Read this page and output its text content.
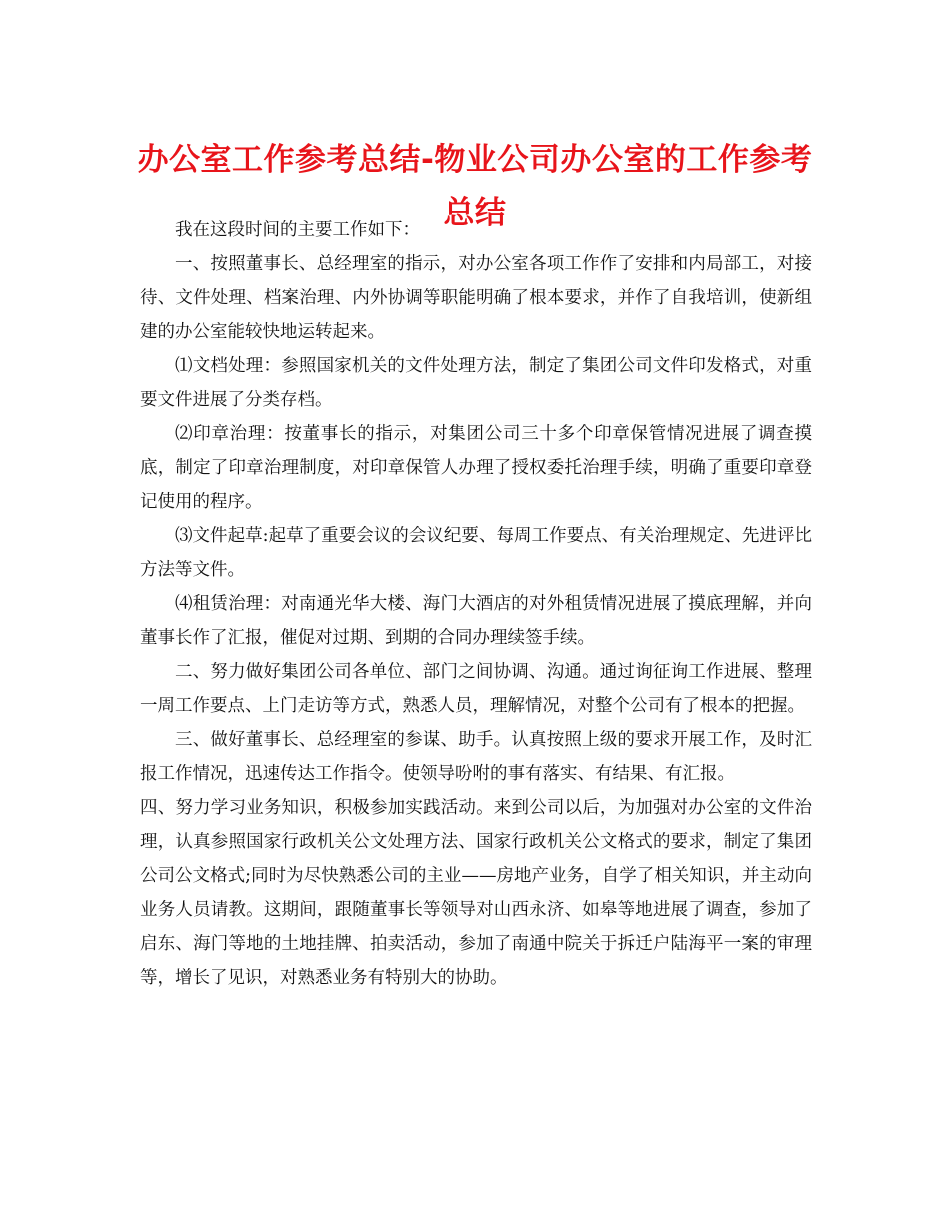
办公室工作参考总结-物业公司办公室的工作参考总结

我在这段时间的主要工作如下：

一、按照董事长、总经理室的指示，对办公室各项工作作了安排和内局部工，对接待、文件处理、档案治理、内外协调等职能明确了根本要求，并作了自我培训，使新组建的办公室能较快地运转起来。

⑴文档处理：参照国家机关的文件处理方法，制定了集团公司文件印发格式，对重要文件进展了分类存档。

⑵印章治理：按董事长的指示，对集团公司三十多个印章保管情况进展了调查摸底，制定了印章治理制度，对印章保管人办理了授权委托治理手续，明确了重要印章登记使用的程序。

⑶文件起草:起草了重要会议的会议纪要、每周工作要点、有关治理规定、先进评比方法等文件。

⑷租赁治理：对南通光华大楼、海门大酒店的对外租赁情况进展了摸底理解，并向董事长作了汇报，催促对过期、到期的合同办理续签手续。

二、努力做好集团公司各单位、部门之间协调、沟通。通过询征询工作进展、整理一周工作要点、上门走访等方式，熟悉人员，理解情况，对整个公司有了根本的把握。

三、做好董事长、总经理室的参谋、助手。认真按照上级的要求开展工作，及时汇报工作情况，迅速传达工作指令。使领导吩咐的事有落实、有结果、有汇报。

四、努力学习业务知识，积极参加实践活动。来到公司以后，为加强对办公室的文件治理，认真参照国家行政机关公文处理方法、国家行政机关公文格式的要求，制定了集团公司公文格式;同时为尽快熟悉公司的主业——房地产业务，自学了相关知识，并主动向业务人员请教。这期间，跟随董事长等领导对山西永济、如皋等地进展了调查，参加了启东、海门等地的土地挂牌、拍卖活动，参加了南通中院关于拆迁户陆海平一案的审理等，增长了见识，对熟悉业务有特别大的协助。
